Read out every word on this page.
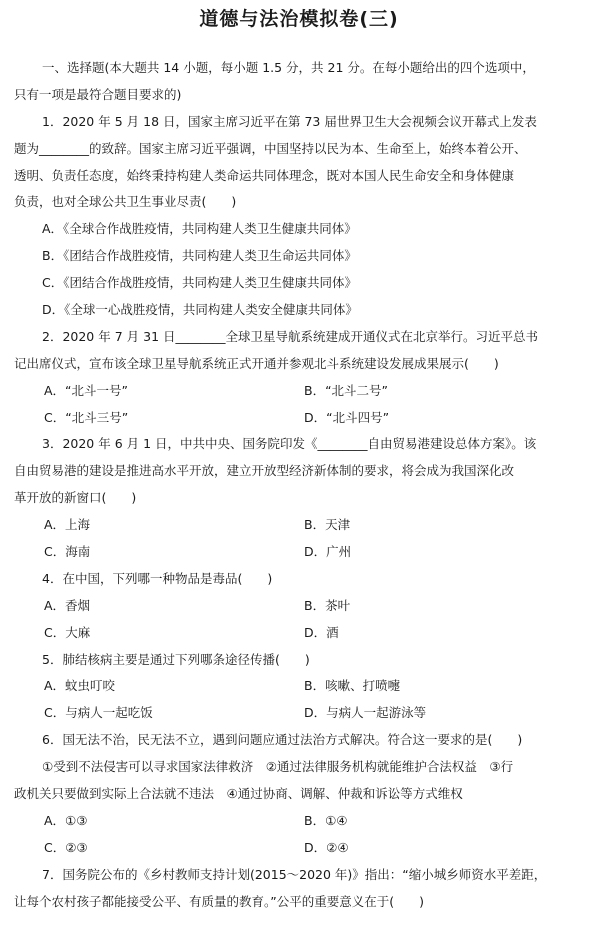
道德与法治模拟卷(三)
一、选择题(本大题共 14 小题，每小题 1.5 分，共 21 分。在每小题给出的四个选项中，
只有一项是最符合题目要求的)
1．2020 年 5 月 18 日，国家主席习近平在第 73 届世界卫生大会视频会议开幕式上发表
题为________的致辞。国家主席习近平强调，中国坚持以民为本、生命至上，始终本着公开、
透明、负责任态度，始终秉持构建人类命运共同体理念，既对本国人民生命安全和身体健康
负责，也对全球公共卫生事业尽责(　　)
A．《全球合作战胜疫情，共同构建人类卫生健康共同体》
B．《团结合作战胜疫情，共同构建人类卫生命运共同体》
C．《团结合作战胜疫情，共同构建人类卫生健康共同体》
D．《全球一心战胜疫情，共同构建人类安全健康共同体》
2．2020 年 7 月 31 日________全球卫星导航系统建成开通仪式在北京举行。习近平总书
记出席仪式，宣布该全球卫星导航系统正式开通并参观北斗系统建设发展成果展示(　　)
A．“北斗一号”	B．“北斗二号”
C．“北斗三号”	D．“北斗四号”
3．2020 年 6 月 1 日，中共中央、国务院印发《________自由贸易港建设总体方案》。该
自由贸易港的建设是推进高水平开放，建立开放型经济新体制的要求，将会成为我国深化改
革开放的新窗口(　　)
A．上海	B．天津
C．海南	D．广州
4．在中国，下列哪一种物品是毒品(　　)
A．香烟	B．茶叶
C．大麻	D．酒
5．肺结核病主要是通过下列哪条途径传播(　　)
A．蚊虫叮咬	B．咳嗽、打喷嚏
C．与病人一起吃饭	D．与病人一起游泳等
6．国无法不治，民无法不立，遇到问题应通过法治方式解决。符合这一要求的是(　　)
①受到不法侵害可以寻求国家法律救济　②通过法律服务机构就能维护合法权益　③行
政机关只要做到实际上合法就不违法　④通过协商、调解、仲裁和诉讼等方式维权
A．①③	B．①④
C．②③	D．②④
7．国务院公布的《乡村教师支持计划(2015～2020 年)》指出：“缩小城乡师资水平差距，
让每个农村孩子都能接受公平、有质量的教育。”公平的重要意义在于(　　)
